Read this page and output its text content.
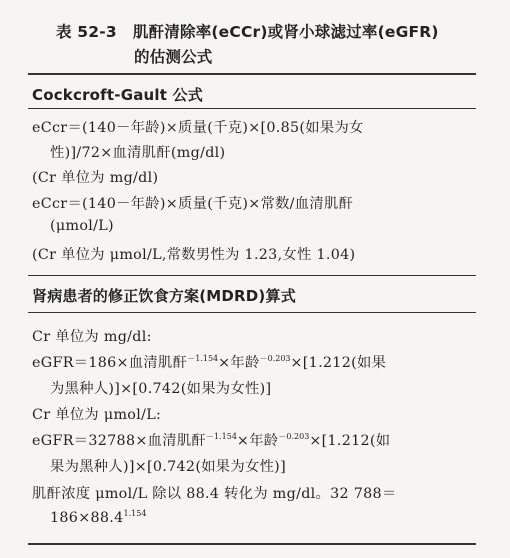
表 52-3 肌酐清除率(eCCr)或肾小球滤过率(eGFR)
的估测公式
Cockcroft-Gault 公式
eCcr＝(140－年龄)×质量(千克)×[0.85(如果为女
性)]/72×血清肌酐(mg/dl)
(Cr 单位为 mg/dl)
eCcr＝(140－年龄)×质量(千克)×常数/血清肌酐
(μmol/L)
(Cr 单位为 μmol/L,常数男性为 1.23,女性 1.04)
肾病患者的修正饮食方案(MDRD)算式
Cr 单位为 mg/dl:
eGFR＝186×血清肌酐$^{-1.154}$×年龄$^{-0.203}$×[1.212(如果
为黑种人)]×[0.742(如果为女性)]
Cr 单位为 μmol/L:
eGFR＝32788×血清肌酐$^{-1.154}$×年龄$^{-0.203}$×[1.212(如
果为黑种人)]×[0.742(如果为女性)]
肌酐浓度 μmol/L 除以 88.4 转化为 mg/dl。32 788＝
$186\times 88.4^{1.154}$
